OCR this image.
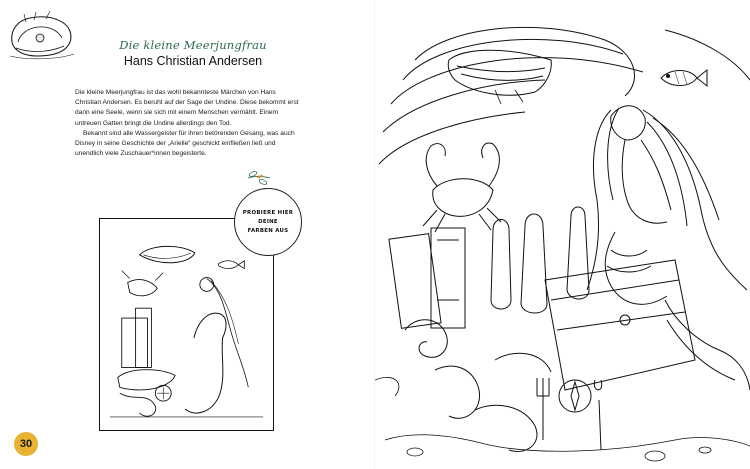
Die kleine Meerjungfrau
Hans Christian Andersen

Die kleine Meerjungfrau ist das wohl bekannteste Märchen von Hans Christian Andersen. Es beruht auf der Sage der Undine. Diese bekommt erst dann eine Seele, wenn sie sich mit einem Menschen vermählt. Einem untreuen Gatten bringt die Undine allerdings den Tod.

Bekannt sind alle Wassergeister für ihren betörenden Gesang, was auch Disney in seine Geschichte der „Arielle“ geschickt einfließen ließ und unendlich viele Zuschauer*innen begeisterte.

PROBIERE HIER DEINE
FARBEN AUS
30
